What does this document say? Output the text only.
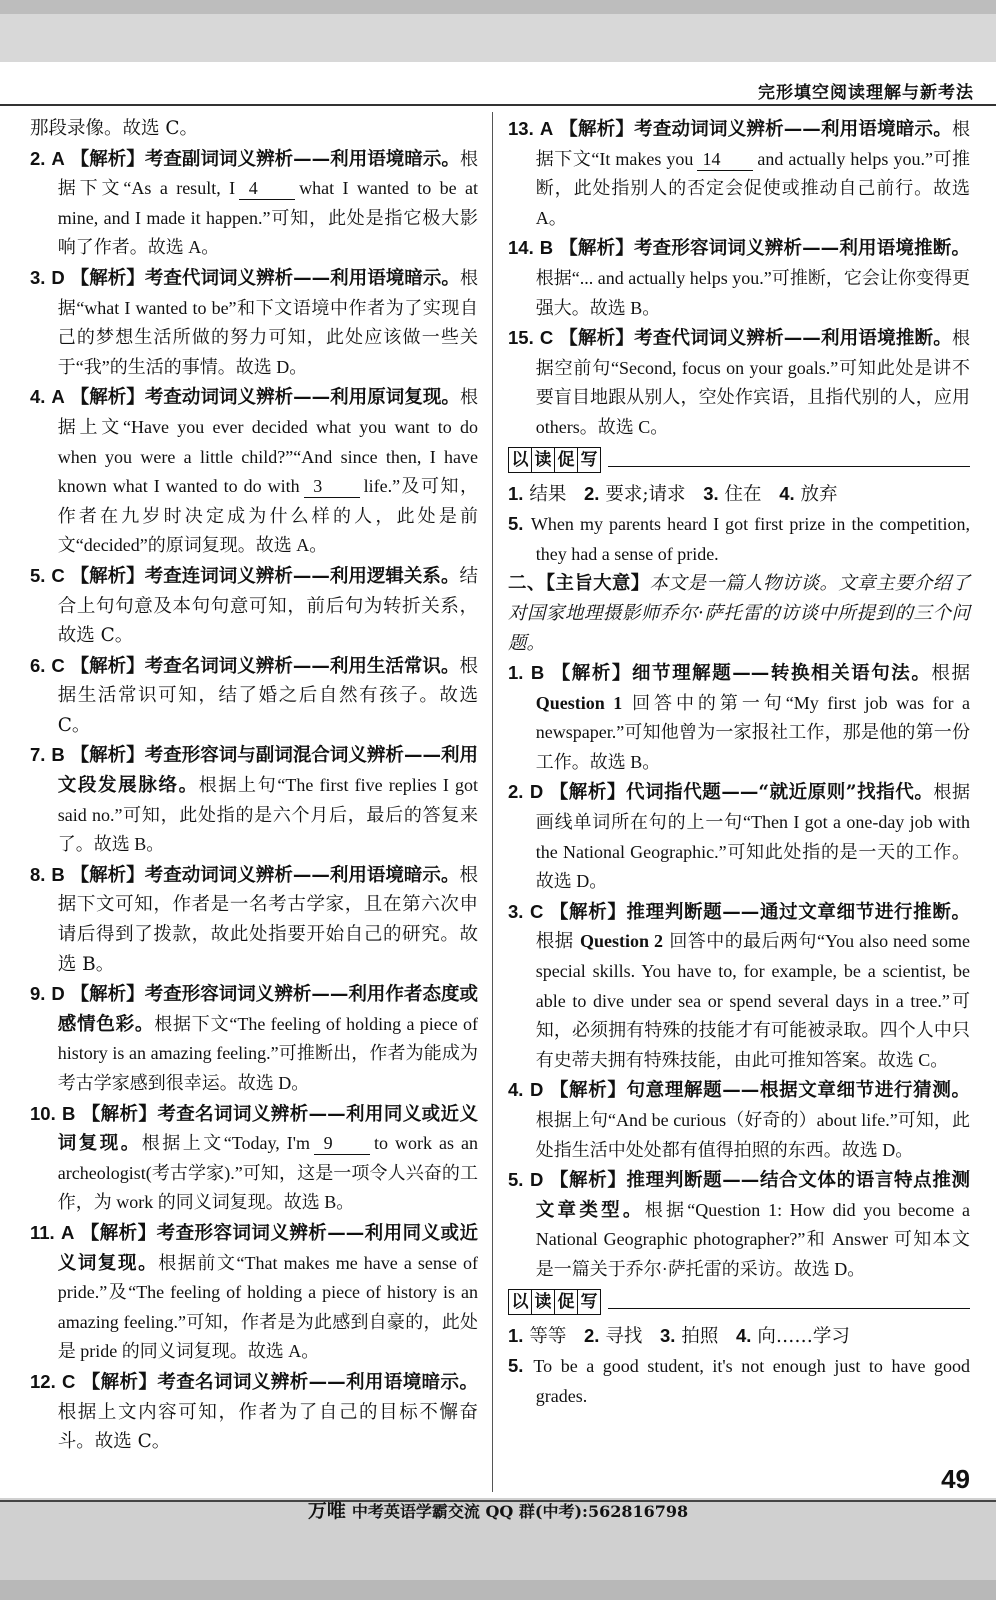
完形填空阅读理解与新考法

那段录像。故选 C。

2. A 【解析】考查副词词义辨析——利用语境暗示。根据下文“As a result, I 4 what I wanted to be at mine, and I made it happen.”可知，此处是指它极大影响了作者。故选 A。

3. D 【解析】考查代词词义辨析——利用语境暗示。根据“what I wanted to be”和下文语境中作者为了实现自己的梦想生活所做的努力可知，此处应该做一些关于“我”的生活的事情。故选 D。

4. A 【解析】考查动词词义辨析——利用原词复现。根据上文“Have you ever decided what you want to do when you were a little child?”“And since then, I have known what I wanted to do with 3 life.”及可知，作者在九岁时决定成为什么样的人，此处是前文“decided”的原词复现。故选 A。

5. C 【解析】考查连词词义辨析——利用逻辑关系。结合上句句意及本句句意可知，前后句为转折关系，故选 C。

6. C 【解析】考查名词词义辨析——利用生活常识。根据生活常识可知，结了婚之后自然有孩子。故选 C。

7. B 【解析】考查形容词与副词混合词义辨析——利用文段发展脉络。根据上句“The first five replies I got said no.”可知，此处指的是六个月后，最后的答复来了。故选 B。

8. B 【解析】考查动词词义辨析——利用语境暗示。根据下文可知，作者是一名考古学家，且在第六次申请后得到了拨款，故此处指要开始自己的研究。故选 B。

9. D 【解析】考查形容词词义辨析——利用作者态度或感情色彩。根据下文“The feeling of holding a piece of history is an amazing feeling.”可推断出，作者为能成为考古学家感到很幸运。故选 D。

10. B 【解析】考查名词词义辨析——利用同义或近义词复现。根据上文“Today, I'm 9 to work as an archeologist(考古学家).”可知，这是一项令人兴奋的工作，为 work 的同义词复现。故选 B。

11. A 【解析】考查形容词词义辨析——利用同义或近义词复现。根据前文“That makes me have a sense of pride.”及“The feeling of holding a piece of history is an amazing feeling.”可知，作者是为此感到自豪的，此处是 pride 的同义词复现。故选 A。

12. C 【解析】考查名词词义辨析——利用语境暗示。根据上文内容可知，作者为了自己的目标不懈奋斗。故选 C。

13. A 【解析】考查动词词义辨析——利用语境暗示。根据下文“It makes you 14 and actually helps you.”可推断，此处指别人的否定会促使或推动自己前行。故选 A。

14. B 【解析】考查形容词词义辨析——利用语境推断。根据“... and actually helps you.”可推断，它会让你变得更强大。故选 B。

15. C 【解析】考查代词词义辨析——利用语境推断。根据空前句“Second, focus on your goals.”可知此处是讲不要盲目地跟从别人，空处作宾语，且指代别的人，应用 others。故选 C。

以 读 促 写

1. 结果 2. 要求;请求 3. 住在 4. 放弃

5. When my parents heard I got first prize in the competition, they had a sense of pride.

二、【主旨大意】本文是一篇人物访谈。文章主要介绍了对国家地理摄影师乔尔·萨托雷的访谈中所提到的三个问题。

1. B 【解析】细节理解题——转换相关语句法。根据 Question 1 回答中的第一句“My first job was for a newspaper.”可知他曾为一家报社工作，那是他的第一份工作。故选 B。

2. D 【解析】代词指代题——“就近原则”找指代。根据画线单词所在句的上一句“Then I got a one-day job with the National Geographic.”可知此处指的是一天的工作。故选 D。

3. C 【解析】推理判断题——通过文章细节进行推断。根据 Question 2 回答中的最后两句“You also need some special skills. You have to, for example, be a scientist, be able to dive under sea or spend several days in a tree.”可知，必须拥有特殊的技能才有可能被录取。四个人中只有史蒂夫拥有特殊技能，由此可推知答案。故选 C。

4. D 【解析】句意理解题——根据文章细节进行猜测。根据上句“And be curious（好奇的）about life.”可知，此处指生活中处处都有值得拍照的东西。故选 D。

5. D 【解析】推理判断题——结合文体的语言特点推测文章类型。根据“Question 1: How did you become a National Geographic photographer?”和 Answer 可知本文是一篇关于乔尔·萨托雷的采访。故选 D。

以 读 促 写

1. 等等 2. 寻找 3. 拍照 4. 向……学习

5. To be a good student, it's not enough just to have good grades.

49
万唯 中考英语学霸交流 QQ 群(中考):562816798
